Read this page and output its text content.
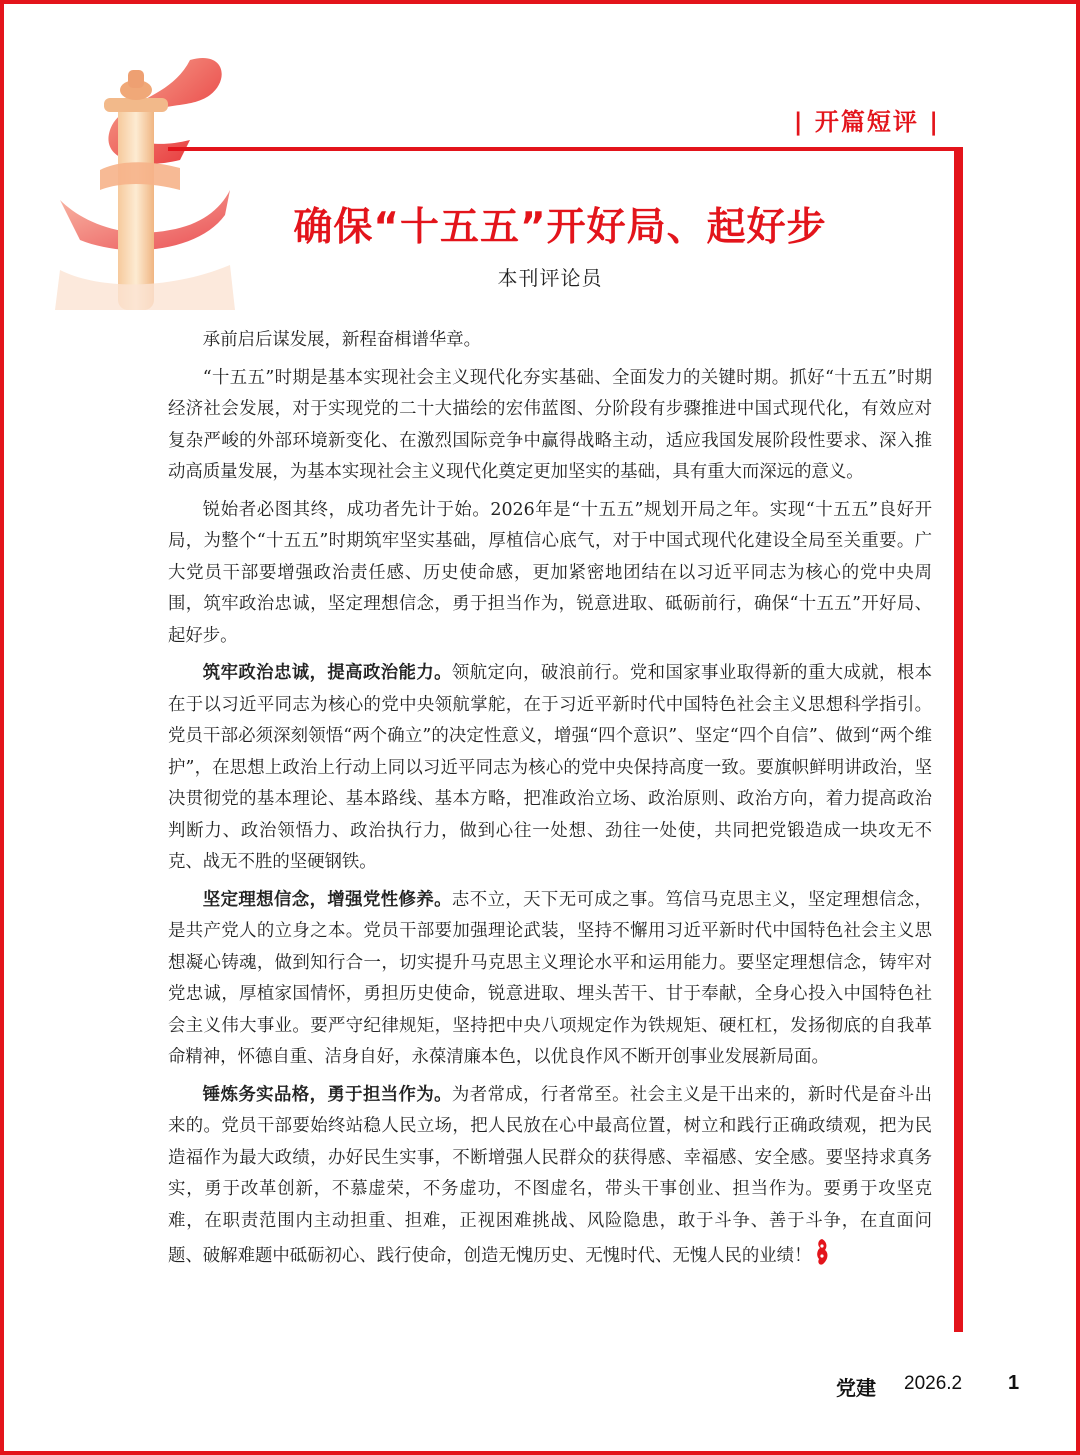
| 开篇短评 |
确保“十五五”开好局、起好步
本刊评论员

承前启后谋发展，新程奋楫谱华章。

“十五五”时期是基本实现社会主义现代化夯实基础、全面发力的关键时期。抓好“十五五”时期经济社会发展，对于实现党的二十大描绘的宏伟蓝图、分阶段有步骤推进中国式现代化，有效应对复杂严峻的外部环境新变化、在激烈国际竞争中赢得战略主动，适应我国发展阶段性要求、深入推动高质量发展，为基本实现社会主义现代化奠定更加坚实的基础，具有重大而深远的意义。

锐始者必图其终，成功者先计于始。2026年是“十五五”规划开局之年。实现“十五五”良好开局，为整个“十五五”时期筑牢坚实基础，厚植信心底气，对于中国式现代化建设全局至关重要。广大党员干部要增强政治责任感、历史使命感，更加紧密地团结在以习近平同志为核心的党中央周围，筑牢政治忠诚，坚定理想信念，勇于担当作为，锐意进取、砥砺前行，确保“十五五”开好局、起好步。

筑牢政治忠诚，提高政治能力。领航定向，破浪前行。党和国家事业取得新的重大成就，根本在于以习近平同志为核心的党中央领航掌舵，在于习近平新时代中国特色社会主义思想科学指引。党员干部必须深刻领悟“两个确立”的决定性意义，增强“四个意识”、坚定“四个自信”、做到“两个维护”，在思想上政治上行动上同以习近平同志为核心的党中央保持高度一致。要旗帜鲜明讲政治，坚决贯彻党的基本理论、基本路线、基本方略，把准政治立场、政治原则、政治方向，着力提高政治判断力、政治领悟力、政治执行力，做到心往一处想、劲往一处使，共同把党锻造成一块攻无不克、战无不胜的坚硬钢铁。

坚定理想信念，增强党性修养。志不立，天下无可成之事。笃信马克思主义，坚定理想信念，是共产党人的立身之本。党员干部要加强理论武装，坚持不懈用习近平新时代中国特色社会主义思想凝心铸魂，做到知行合一，切实提升马克思主义理论水平和运用能力。要坚定理想信念，铸牢对党忠诚，厚植家国情怀，勇担历史使命，锐意进取、埋头苦干、甘于奉献，全身心投入中国特色社会主义伟大事业。要严守纪律规矩，坚持把中央八项规定作为铁规矩、硬杠杠，发扬彻底的自我革命精神，怀德自重、洁身自好，永葆清廉本色，以优良作风不断开创事业发展新局面。

锤炼务实品格，勇于担当作为。为者常成，行者常至。社会主义是干出来的，新时代是奋斗出来的。党员干部要始终站稳人民立场，把人民放在心中最高位置，树立和践行正确政绩观，把为民造福作为最大政绩，办好民生实事，不断增强人民群众的获得感、幸福感、安全感。要坚持求真务实，勇于改革创新，不慕虚荣，不务虚功，不图虚名，带头干事创业、担当作为。要勇于攻坚克难，在职责范围内主动担重、担难，正视困难挑战、风险隐患，敢于斗争、善于斗争，在直面问题、破解难题中砥砺初心、践行使命，创造无愧历史、无愧时代、无愧人民的业绩！

党建 2026.2 1
